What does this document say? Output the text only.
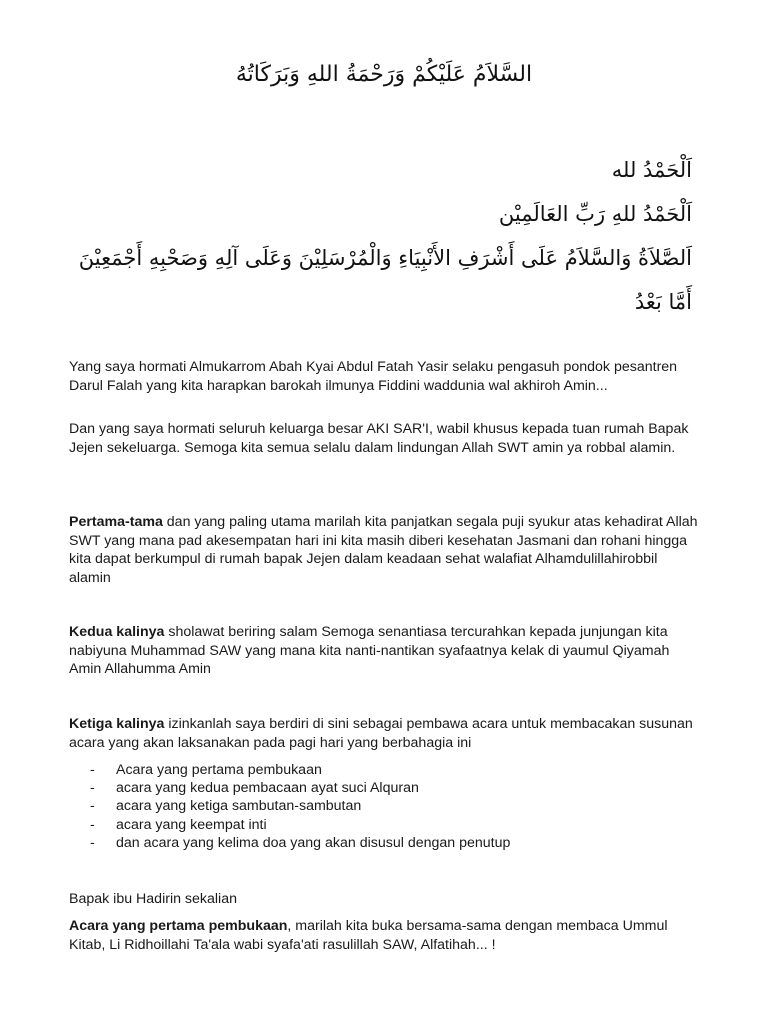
السَّلاَمُ عَلَيْكُمْ وَرَحْمَةُ اللهِ وَبَرَكَاتُهُ
اَلْحَمْدُ لله
اَلْحَمْدُ للهِ رَبِّ العَالَمِيْن
اَلصَّلاَةُ وَالسَّلاَمُ عَلَى أَشْرَفِ الأَنْبِيَاءِ وَالْمُرْسَلِيْنَ وَعَلَى آلِهِ وَصَحْبِهِ أَجْمَعِيْنَ
أَمَّا بَعْدُ

Yang saya hormati Almukarrom Abah Kyai Abdul Fatah Yasir selaku pengasuh pondok pesantren Darul Falah yang kita harapkan barokah ilmunya Fiddini waddunia wal akhiroh Amin...

Dan yang saya hormati seluruh keluarga besar AKI SAR'I, wabil khusus kepada tuan rumah Bapak Jejen sekeluarga. Semoga kita semua selalu dalam lindungan Allah SWT amin ya robbal alamin.

Pertama-tama dan yang paling utama marilah kita panjatkan segala puji syukur atas kehadirat Allah SWT yang mana pad akesempatan hari ini kita masih diberi kesehatan Jasmani dan rohani hingga kita dapat berkumpul di rumah bapak Jejen dalam keadaan sehat walafiat Alhamdulillahirobbil alamin

Kedua kalinya sholawat beriring salam Semoga senantiasa tercurahkan kepada junjungan kita nabiyuna Muhammad SAW yang mana kita nanti-nantikan syafaatnya kelak di yaumul Qiyamah Amin Allahumma Amin

Ketiga kalinya izinkanlah saya berdiri di sini sebagai pembawa acara untuk membacakan susunan acara yang akan laksanakan pada pagi hari yang berbahagia ini

- Acara yang pertama pembukaan
- acara yang kedua pembacaan ayat suci Alquran
- acara yang ketiga sambutan-sambutan
- acara yang keempat inti
- dan acara yang kelima doa yang akan disusul dengan penutup

Bapak ibu Hadirin sekalian

Acara yang pertama pembukaan, marilah kita buka bersama-sama dengan membaca Ummul Kitab, Li Ridhoillahi Ta'ala wabi syafa'ati rasulillah SAW, Alfatihah... !
